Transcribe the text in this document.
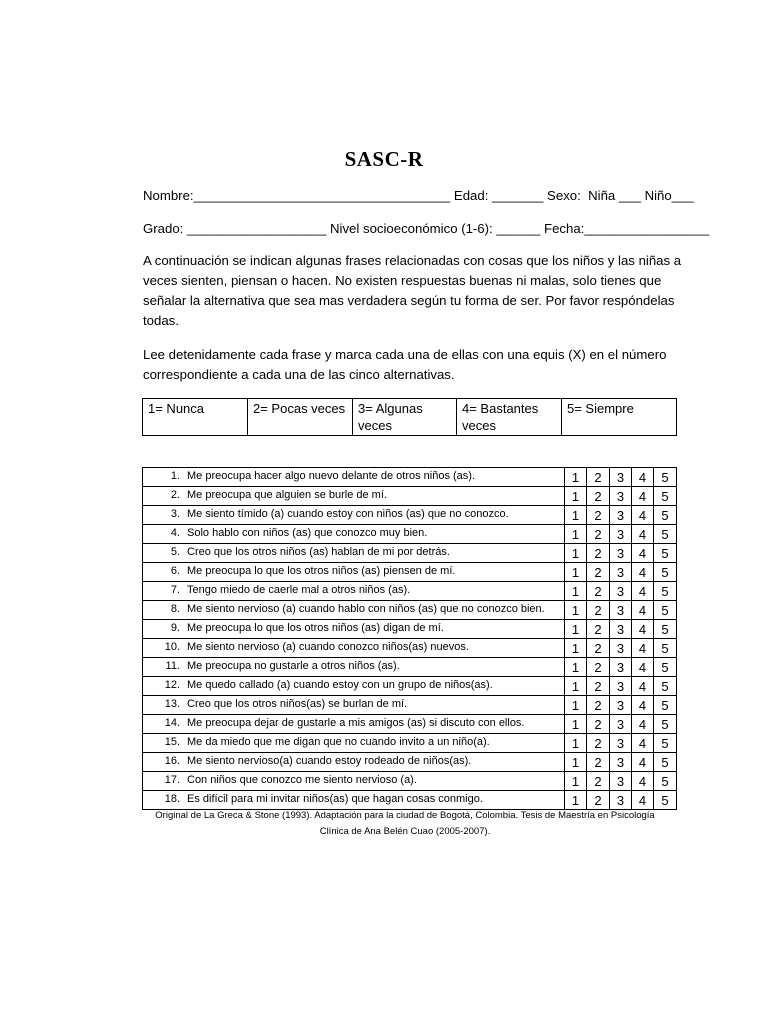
SASC-R
Nombre:___________________________________ Edad: _______ Sexo:  Niña ___ Niño___
Grado: ___________________ Nivel socioeconómico (1-6): ______ Fecha:_________________
A continuación se indican algunas frases relacionadas con cosas que los niños y las niñas a veces sienten, piensan o hacen. No existen respuestas buenas ni malas, solo tienes que señalar la alternativa que sea mas verdadera según tu forma de ser. Por favor respóndelas todas.
Lee detenidamente cada frase y marca cada una de ellas con una equis (X) en el número correspondiente a cada una de las cinco alternativas.
1= Nunca	2= Pocas veces	3= Algunas veces	4= Bastantes veces	5= Siempre
1. Me preocupa hacer algo nuevo delante de otros niños (as).	1	2	3	4	5

2. Me preocupa que alguien se burle de mí.	1	2	3	4	5

3. Me siento tímido (a) cuando estoy con niños (as) que no conozco.	1	2	3	4	5

4. Solo hablo con niños (as) que conozco muy bien.	1	2	3	4	5

5. Creo que los otros niños (as) hablan de mi por detrás.	1	2	3	4	5

6. Me preocupa lo que los otros niños (as) piensen de mí.	1	2	3	4	5

7. Tengo miedo de caerle mal a otros niños (as).	1	2	3	4	5

8. Me siento nervioso (a) cuando hablo con niños (as) que no conozco bien.	1	2	3	4	5

9. Me preocupa lo que los otros niños (as) digan de mí.	1	2	3	4	5

10. Me siento nervioso (a) cuando conozco niños(as) nuevos.	1	2	3	4	5

11. Me preocupa no gustarle a otros niños (as).	1	2	3	4	5

12. Me quedo callado (a) cuando estoy con un grupo de niños(as).	1	2	3	4	5

13. Creo que los otros niños(as) se burlan de mí.	1	2	3	4	5

14. Me preocupa dejar de gustarle a mis amigos (as) si discuto con ellos.	1	2	3	4	5

15. Me da miedo que me digan que no cuando invito a un niño(a).	1	2	3	4	5

16. Me siento nervioso(a) cuando estoy rodeado de niños(as).	1	2	3	4	5

17. Con niños que conozco me siento nervioso (a).	1	2	3	4	5

18. Es difícil para mi invitar niños(as) que hagan cosas conmigo.	1	2	3	4	5
Original de La Greca & Stone (1993). Adaptación para la ciudad de Bogotá, Colombia. Tesis de Maestría en Psicología Clínica de Ana Belén Cuao (2005-2007).
